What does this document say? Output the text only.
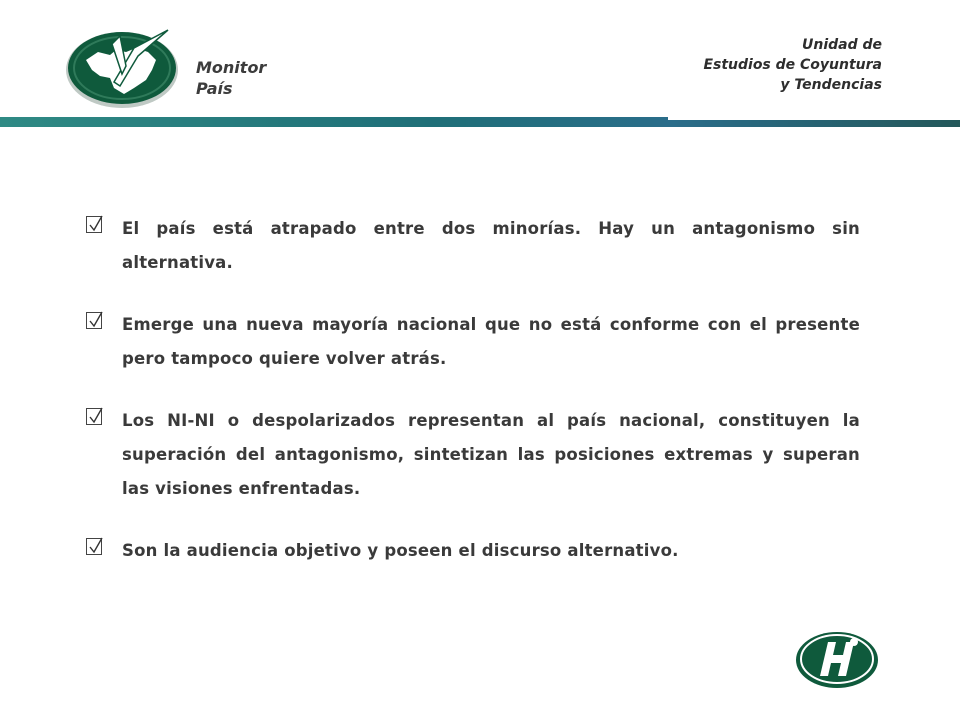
Monitor
País
Unidad de
Estudios de Coyuntura
y Tendencias
El país está atrapado entre dos minorías. Hay un antagonismo sin alternativa.
Emerge una nueva mayoría nacional que no está conforme con el presente pero tampoco quiere volver atrás.
Los NI-NI o despolarizados representan al país nacional, constituyen la superación del antagonismo, sintetizan las posiciones extremas y superan las visiones enfrentadas.
Son la audiencia objetivo y poseen el discurso alternativo.
